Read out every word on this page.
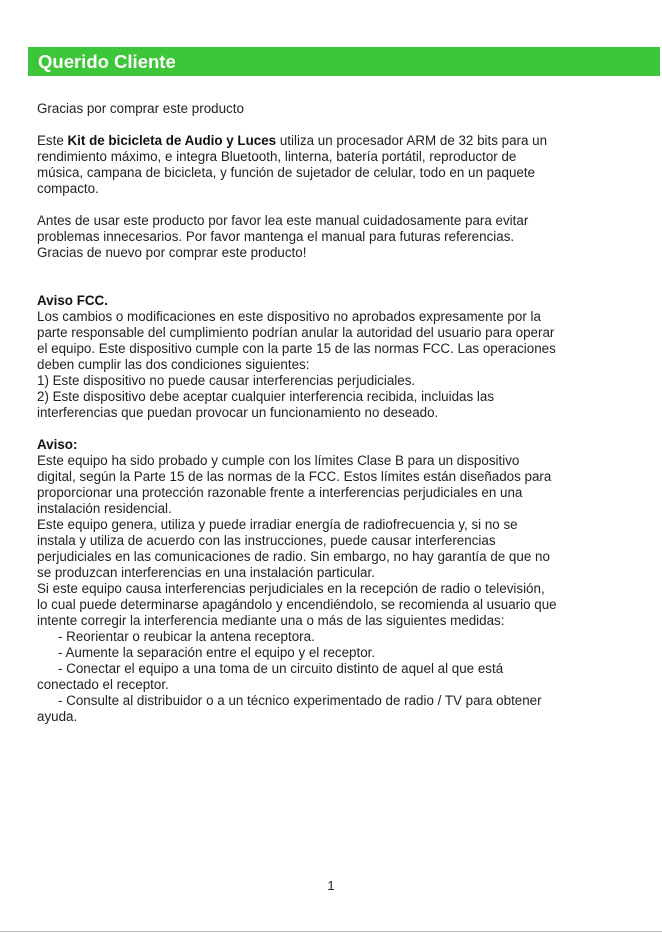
Querido Cliente
Gracias por comprar este producto

Este Kit de bicicleta de Audio y Luces utiliza un procesador ARM de 32 bits para un
rendimiento máximo, e integra Bluetooth, linterna, batería portátil, reproductor de
música, campana de bicicleta, y función de sujetador de celular, todo en un paquete
compacto.

Antes de usar este producto por favor lea este manual cuidadosamente para evitar
problemas innecesarios. Por favor mantenga el manual para futuras referencias.
Gracias de nuevo por comprar este producto!

Aviso FCC.
Los cambios o modificaciones en este dispositivo no aprobados expresamente por la
parte responsable del cumplimiento podrían anular la autoridad del usuario para operar
el equipo. Este dispositivo cumple con la parte 15 de las normas FCC. Las operaciones
deben cumplir las dos condiciones siguientes:
1) Este dispositivo no puede causar interferencias perjudiciales.
2) Este dispositivo debe aceptar cualquier interferencia recibida, incluidas las
interferencias que puedan provocar un funcionamiento no deseado.

Aviso:
Este equipo ha sido probado y cumple con los límites Clase B para un dispositivo
digital, según la Parte 15 de las normas de la FCC. Estos límites están diseñados para
proporcionar una protección razonable frente a interferencias perjudiciales en una
instalación residencial.
Este equipo genera, utiliza y puede irradiar energía de radiofrecuencia y, si no se
instala y utiliza de acuerdo con las instrucciones, puede causar interferencias
perjudiciales en las comunicaciones de radio. Sin embargo, no hay garantía de que no
se produzcan interferencias en una instalación particular.
Si este equipo causa interferencias perjudiciales en la recepción de radio o televisión,
lo cual puede determinarse apagándolo y encendiéndolo, se recomienda al usuario que
intente corregir la interferencia mediante una o más de las siguientes medidas:
- Reorientar o reubicar la antena receptora.
- Aumente la separación entre el equipo y el receptor.
- Conectar el equipo a una toma de un circuito distinto de aquel al que está
conectado el receptor.
- Consulte al distribuidor o a un técnico experimentado de radio / TV para obtener
ayuda.

1
